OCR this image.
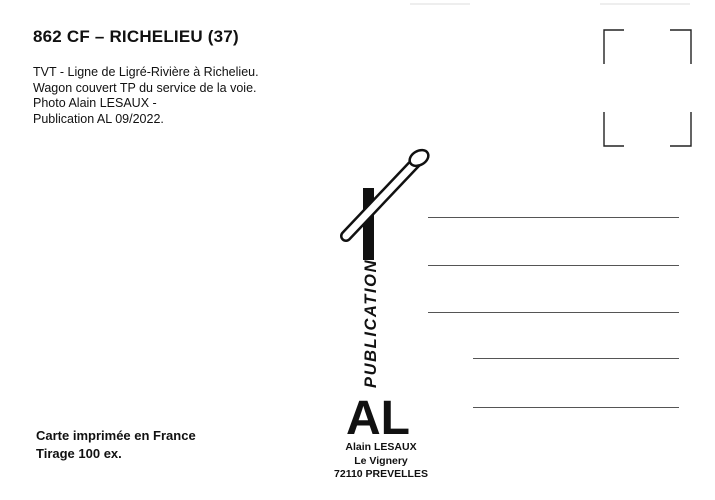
862 CF – RICHELIEU (37)
TVT - Ligne de Ligré-Rivière à Richelieu.
Wagon couvert TP du service de la voie.
Photo Alain LESAUX -
Publication AL 09/2022.
PUBLICATION
AL
Alain LESAUX
Le Vignery
72110 PREVELLES
Carte imprimée en France
Tirage 100 ex.
